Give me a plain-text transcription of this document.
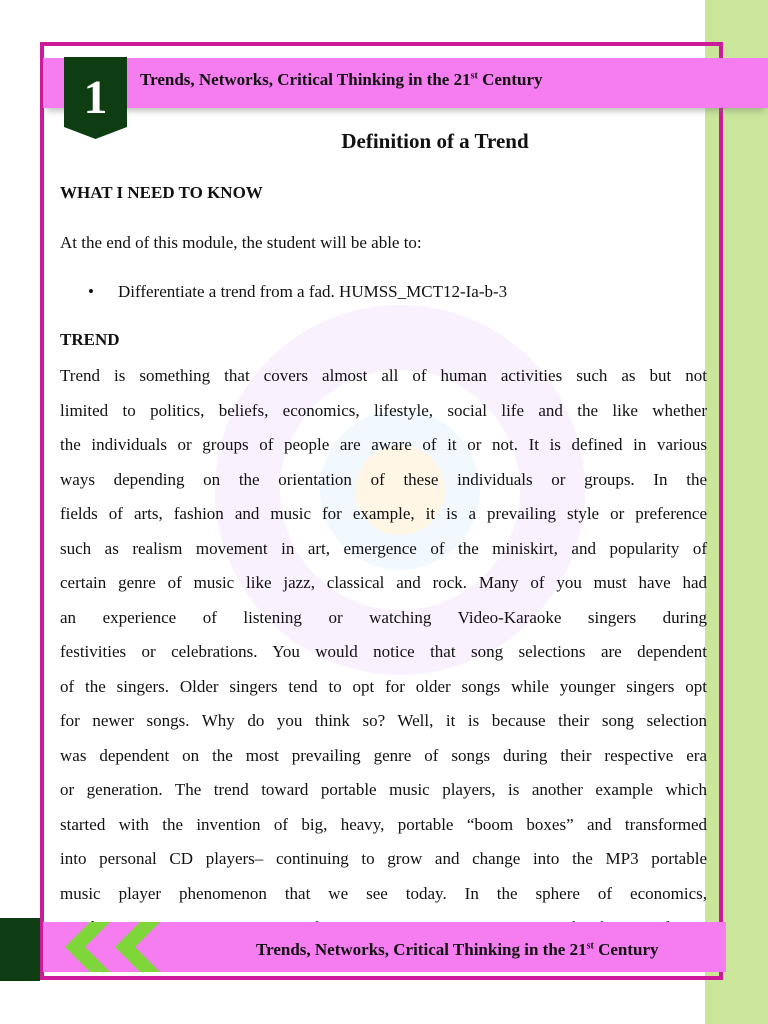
1	Trends, Networks, Critical Thinking in the 21st Century
Definition of a Trend
WHAT I NEED TO KNOW
At the end of this module, the student will be able to:
• Differentiate a trend from a fad. HUMSS_MCT12-Ia-b-3
TREND
Trend is something that covers almost all of human activities such as but not
limited to politics, beliefs, economics, lifestyle, social life and the like whether
the individuals or groups of people are aware of it or not. It is defined in various
ways depending on the orientation of these individuals or groups. In the
fields of arts, fashion and music for example, it is a prevailing style or preference
such as realism movement in art, emergence of the miniskirt, and popularity of
certain genre of music like jazz, classical and rock. Many of you must have had
an experience of listening or watching Video-Karaoke singers during
festivities or celebrations. You would notice that song selections are dependent
of the singers. Older singers tend to opt for older songs while younger singers opt
for newer songs. Why do you think so? Well, it is because their song selection
was dependent on the most prevailing genre of songs during their respective era
or generation. The trend toward portable music players, is another example which
started with the invention of big, heavy, portable “boom boxes” and transformed
into personal CD players– continuing to grow and change into the MP3 portable
music player phenomenon that we see today. In the sphere of economics,
Trends, Networks, Critical Thinking in the 21st Century
